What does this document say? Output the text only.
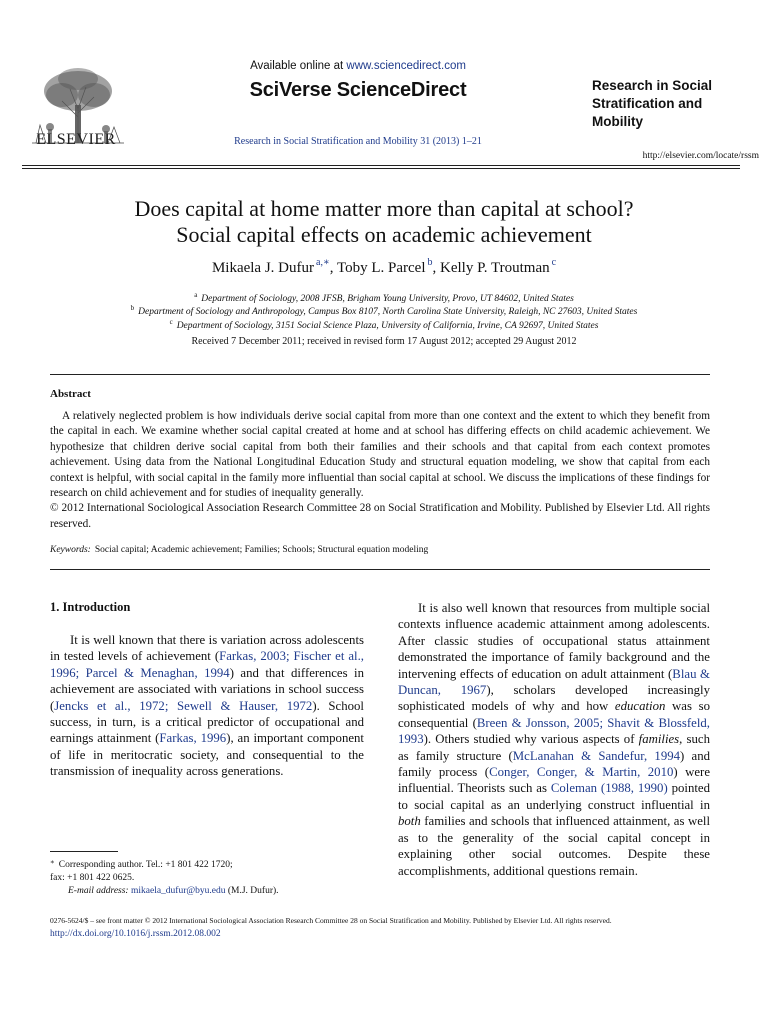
ELSEVIER
Available online at www.sciencedirect.com
SciVerse ScienceDirect
Research in Social Stratification and Mobility 31 (2013) 1–21
Research in Social
Stratification and
Mobility
http://elsevier.com/locate/rssm
Does capital at home matter more than capital at school?
Social capital effects on academic achievement
Mikaela J. Dufur $^{a,∗}$, Toby L. Parcel $^b$, Kelly P. Troutman $^c$
$^a$ Department of Sociology, 2008 JFSB, Brigham Young University, Provo, UT 84602, United States
$^b$ Department of Sociology and Anthropology, Campus Box 8107, North Carolina State University, Raleigh, NC 27603, United States
$^c$ Department of Sociology, 3151 Social Science Plaza, University of California, Irvine, CA 92697, United States
Received 7 December 2011; received in revised form 17 August 2012; accepted 29 August 2012
Abstract

A relatively neglected problem is how individuals derive social capital from more than one context and the extent to which they benefit from the capital in each. We examine whether social capital created at home and at school has differing effects on child academic achievement. We hypothesize that children derive social capital from both their families and their schools and that capital from each context promotes achievement. Using data from the National Longitudinal Education Study and structural equation modeling, we show that capital from each context is helpful, with social capital in the family more influential than social capital at school. We discuss the implications of these findings for research on child achievement and for studies of inequality generally.

© 2012 International Sociological Association Research Committee 28 on Social Stratification and Mobility. Published by Elsevier Ltd. All rights reserved.

Keywords: Social capital; Academic achievement; Families; Schools; Structural equation modeling
1. Introduction

It is well known that there is variation across adolescents in tested levels of achievement (Farkas, 2003; Fischer et al., 1996; Parcel & Menaghan, 1994) and that differences in achievement are associated with variations in school success (Jencks et al., 1972; Sewell & Hauser, 1972). School success, in turn, is a critical predictor of occupational and earnings attainment (Farkas, 1996), an important component of life in meritocratic society, and consequential to the transmission of inequality across generations.

It is also well known that resources from multiple social contexts influence academic attainment among adolescents. After classic studies of occupational status attainment demonstrated the importance of family background and the intervening effects of education on adult attainment (Blau & Duncan, 1967), scholars developed increasingly sophisticated models of why and how education was so consequential (Breen & Jonsson, 2005; Shavit & Blossfeld, 1993). Others studied why various aspects of families, such as family structure (McLanahan & Sandefur, 1994) and family process (Conger, Conger, & Martin, 2010) were influential. Theorists such as Coleman (1988, 1990) pointed to social capital as an underlying construct influential in both families and schools that influenced attainment, as well as to the generality of the social capital concept in explaining other social outcomes. Despite these accomplishments, additional questions remain.

∗ Corresponding author. Tel.: +1 801 422 1720;
fax: +1 801 422 0625.
E-mail address: mikaela_dufur@byu.edu (M.J. Dufur).
0276-5624/$ – see front matter © 2012 International Sociological Association Research Committee 28 on Social Stratification and Mobility. Published by Elsevier Ltd. All rights reserved.
http://dx.doi.org/10.1016/j.rssm.2012.08.002
